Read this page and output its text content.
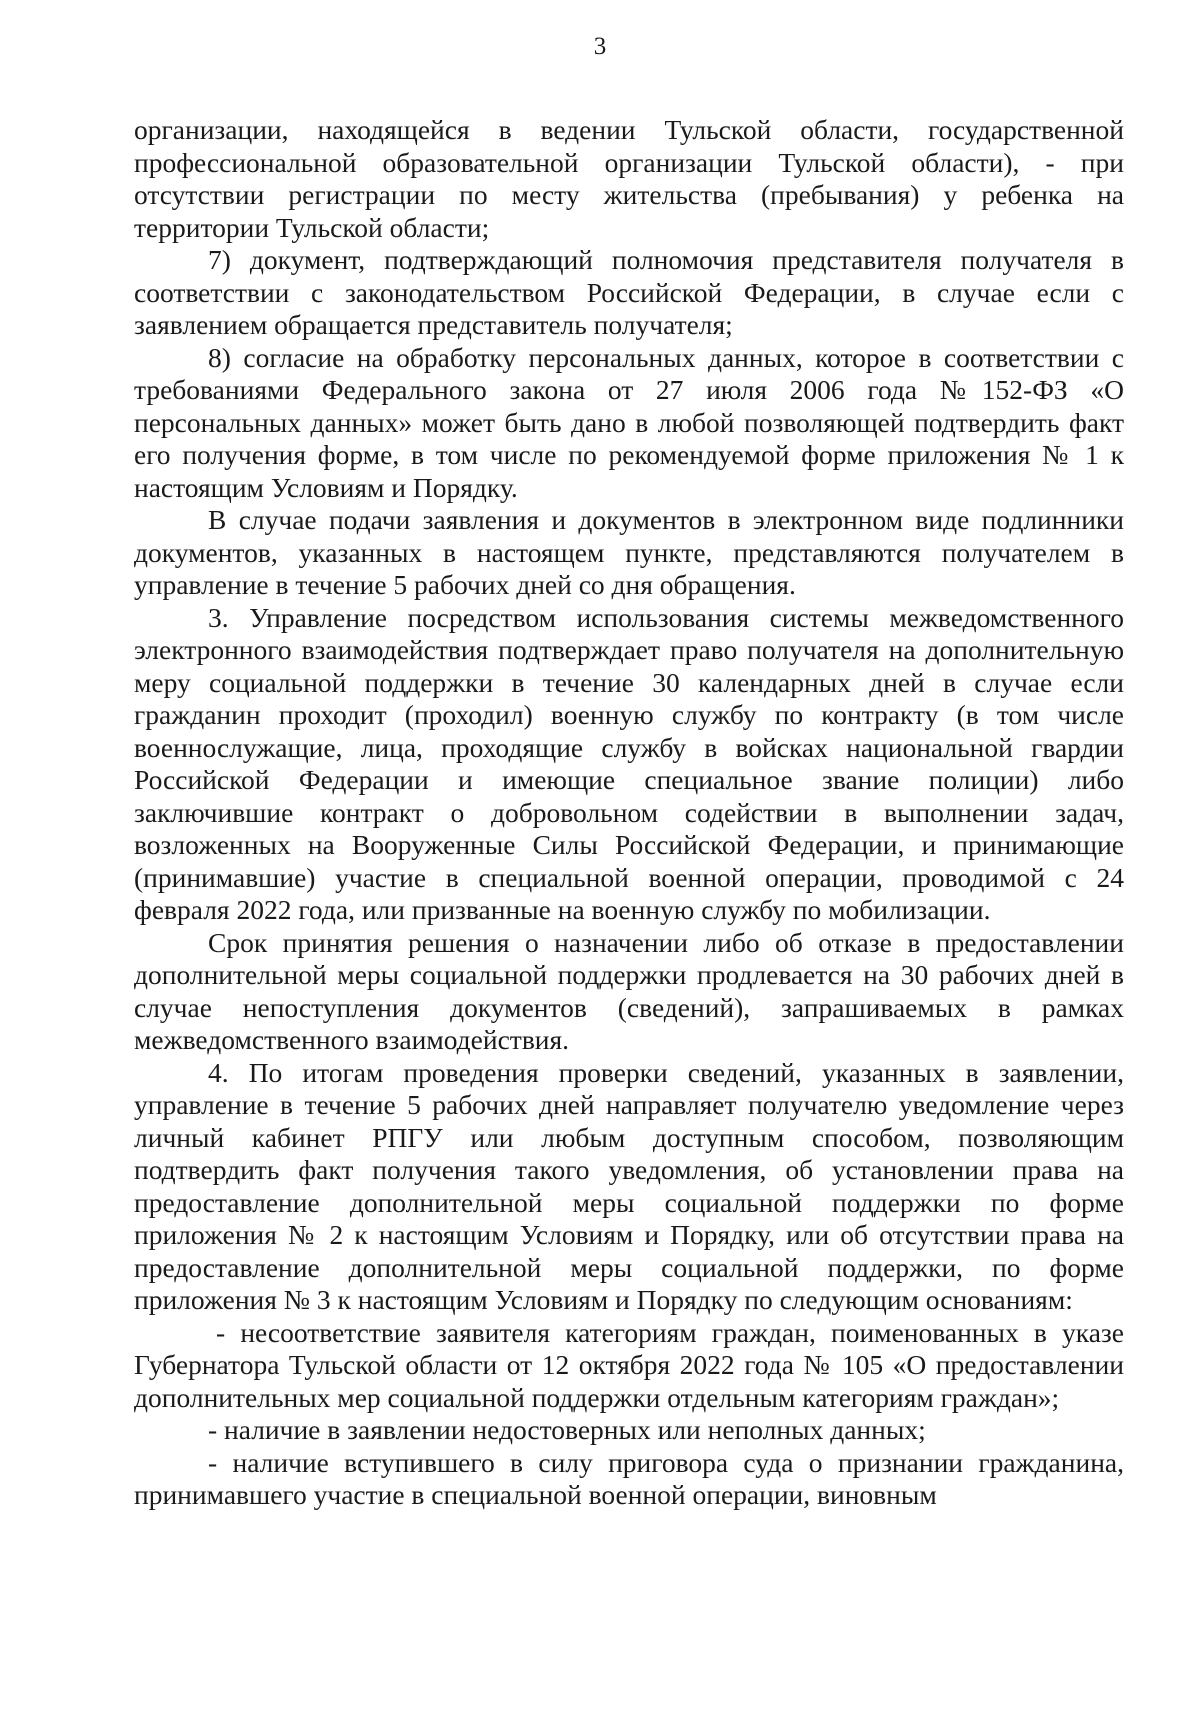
3

организации, находящейся в ведении Тульской области, государственной профессиональной образовательной организации Тульской области), - при отсутствии регистрации по месту жительства (пребывания) у ребенка на территории Тульской области;

7) документ, подтверждающий полномочия представителя получателя в соответствии с законодательством Российской Федерации, в случае если с заявлением обращается представитель получателя;

8) согласие на обработку персональных данных, которое в соответствии с требованиями Федерального закона от 27 июля 2006 года №152-ФЗ «О персональных данных» может быть дано в любой позволяющей подтвердить факт его получения форме, в том числе по рекомендуемой форме приложения № 1 к настоящим Условиям и Порядку.

В случае подачи заявления и документов в электронном виде подлинники документов, указанных в настоящем пункте, представляются получателем в управление в течение 5 рабочих дней со дня обращения.

3. Управление посредством использования системы межведомственного электронного взаимодействия подтверждает право получателя на дополнительную меру социальной поддержки в течение 30 календарных дней в случае если гражданин проходит (проходил) военную службу по контракту (в том числе военнослужащие, лица, проходящие службу в войсках национальной гвардии Российской Федерации и имеющие специальное звание полиции) либо заключившие контракт о добровольном содействии в выполнении задач, возложенных на Вооруженные Силы Российской Федерации, и принимающие (принимавшие) участие в специальной военной операции, проводимой с 24 февраля 2022 года, или призванные на военную службу по мобилизации.

Срок принятия решения о назначении либо об отказе в предоставлении дополнительной меры социальной поддержки продлевается на 30 рабочих дней в случае непоступления документов (сведений), запрашиваемых в рамках межведомственного взаимодействия.

4. По итогам проведения проверки сведений, указанных в заявлении, управление в течение 5 рабочих дней направляет получателю уведомление через личный кабинет РПГУ или любым доступным способом, позволяющим подтвердить факт получения такого уведомления, об установлении права на предоставление дополнительной меры социальной поддержки по форме приложения № 2 к настоящим Условиям и Порядку, или об отсутствии права на предоставление дополнительной меры социальной поддержки, по форме приложения № 3 к настоящим Условиям и Порядку по следующим основаниям:

- несоответствие заявителя категориям граждан, поименованных в указе Губернатора Тульской области от 12 октября 2022 года № 105 «О предоставлении дополнительных мер социальной поддержки отдельным категориям граждан»;

- наличие в заявлении недостоверных или неполных данных;

- наличие вступившего в силу приговора суда о признании гражданина, принимавшего участие в специальной военной операции, виновным
